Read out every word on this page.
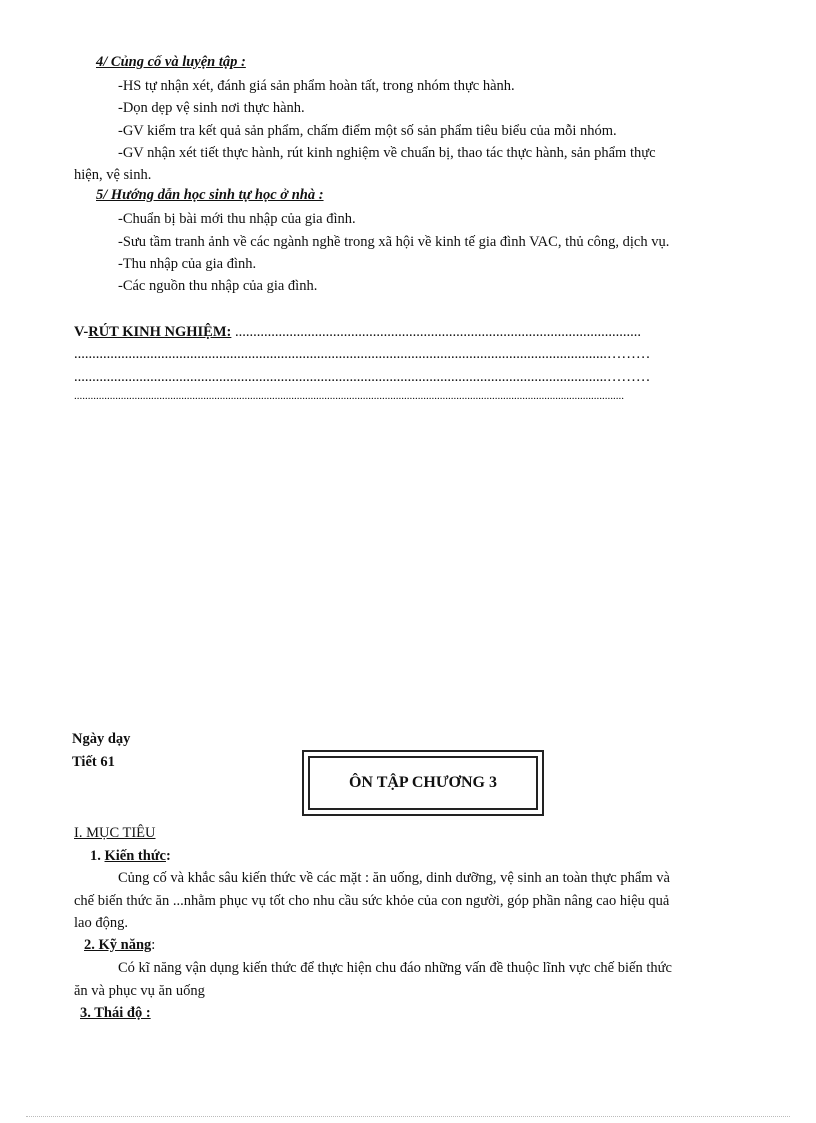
4/ Củng cố và luyện tập :
-HS tự nhận xét, đánh giá sản phẩm hoàn tất, trong nhóm thực hành.
-Dọn dẹp vệ sinh nơi thực hành.
-GV kiểm tra kết quả sản phẩm, chấm điểm một số sản phẩm tiêu biểu của mỗi nhóm.
-GV nhận xét tiết thực hành, rút kinh nghiệm về chuẩn bị, thao tác thực hành, sản phẩm thực
hiện, vệ sinh.
5/ Hướng dẫn học sinh tự học ở nhà :
-Chuẩn bị bài mới thu nhập của gia đình.
-Sưu tầm tranh ảnh về các ngành nghề trong xã hội về kinh tế gia đình VAC, thủ công, dịch vụ.
-Thu nhập của gia đình.
-Các nguồn thu nhập của gia đình.
V-RÚT KINH NGHIỆM: ................................................................................................................
...................................................................................................................................................………
...................................................................................................................................................………
........................................................................................................................................................................................................
Ngày dạy
Tiết 61
ÔN TẬP CHƯƠNG 3
I. MỤC TIÊU
1. Kiến thức:
Củng cố và khắc sâu kiến thức về các mặt : ăn uống, dinh dưỡng, vệ sinh an toàn thực phẩm và
chế biến thức ăn ...nhằm phục vụ tốt cho nhu cầu sức khỏe của con người, góp phần nâng cao hiệu quả
lao động.
2. Kỹ năng:
Có kĩ năng vận dụng kiến thức để thực hiện chu đáo những vấn đề thuộc lĩnh vực chế biến thức
ăn và phục vụ ăn uống
3. Thái độ :
